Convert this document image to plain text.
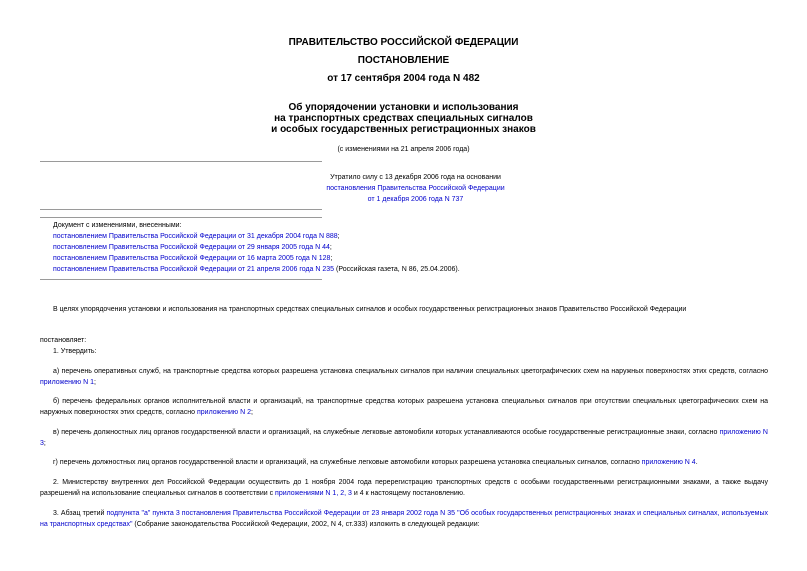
ПРАВИТЕЛЬСТВО РОССИЙСКОЙ ФЕДЕРАЦИИ
ПОСТАНОВЛЕНИЕ
от 17 сентября 2004 года N 482
Об упорядочении установки и использования
на транспортных средствах специальных сигналов
и особых государственных регистрационных знаков
(с изменениями на 21 апреля 2006 года)
Утратило силу с 13 декабря 2006 года на основании
постановления Правительства Российской Федерации
от 1 декабря 2006 года N 737
Документ с изменениями, внесенными:
постановлением Правительства Российской Федерации от 31 декабря 2004 года N 888;
постановлением Правительства Российской Федерации от 29 января 2005 года N 44;
постановлением Правительства Российской Федерации от 16 марта 2005 года N 128;
постановлением Правительства Российской Федерации от 21 апреля 2006 года N 235 (Российская газета, N 86, 25.04.2006).
В целях упорядочения установки и использования на транспортных средствах специальных сигналов и особых государственных регистрационных знаков Правительство Российской Федерации
постановляет:
1. Утвердить:
а) перечень оперативных служб, на транспортные средства которых разрешена установка специальных сигналов при наличии специальных цветографических схем на наружных поверхностях этих средств, согласно приложению N 1;
б) перечень федеральных органов исполнительной власти и организаций, на транспортные средства которых разрешена установка специальных сигналов при отсутствии специальных цветографических схем на наружных поверхностях этих средств, согласно приложению N 2;
в) перечень должностных лиц органов государственной власти и организаций, на служебные легковые автомобили которых устанавливаются особые государственные регистрационные знаки, согласно приложению N 3;
г) перечень должностных лиц органов государственной власти и организаций, на служебные легковые автомобили которых разрешена установка специальных сигналов, согласно приложению N 4.
2. Министерству внутренних дел Российской Федерации осуществить до 1 ноября 2004 года перерегистрацию транспортных средств с особыми государственными регистрационными знаками, а также выдачу разрешений на использование специальных сигналов в соответствии с приложениями N 1, 2, 3 и 4 к настоящему постановлению.
3. Абзац третий подпункта "а" пункта 3 постановления Правительства Российской Федерации от 23 января 2002 года N 35 "Об особых государственных регистрационных знаках и специальных сигналах, используемых на транспортных средствах" (Собрание законодательства Российской Федерации, 2002, N 4, ст.333) изложить в следующей редакции:
